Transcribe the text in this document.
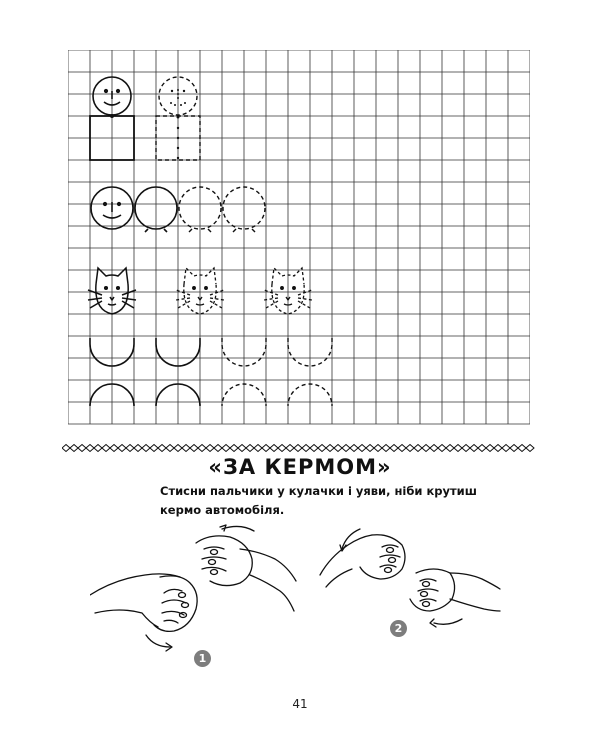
«ЗА КЕРМОМ»
Стисни пальчики у кулачки і уяви, ніби крутиш
кермо автомобіля.
1
2
41
